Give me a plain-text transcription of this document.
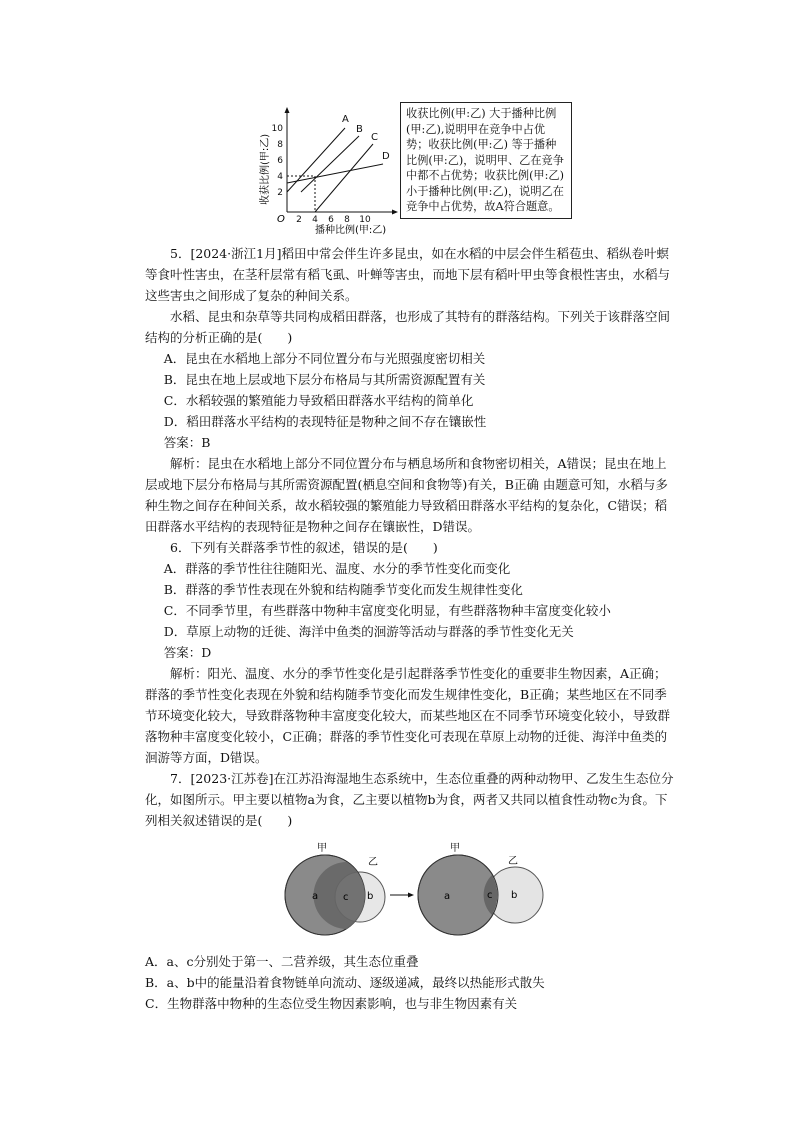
2
4
6
8
10
2 4 6 8 10
O
收获比例(甲:乙)
播种比例(甲:乙)
A
B
C
D
收获比例(甲:乙) 大于播种比例(甲:乙),说明甲在竞争中占优势；收获比例(甲:乙) 等于播种比例(甲:乙)，说明甲、乙在竞争中都不占优势；收获比例(甲:乙)小于播种比例(甲:乙)，说明乙在竞争中占优势，故A符合题意。

5．[2024·浙江1月]稻田中常会伴生许多昆虫，如在水稻的中层会伴生稻苞虫、稻纵卷叶螟等食叶性害虫，在茎秆层常有稻飞虱、叶蝉等害虫，而地下层有稻叶甲虫等食根性害虫，水稻与这些害虫之间形成了复杂的种间关系。

水稻、昆虫和杂草等共同构成稻田群落，也形成了其特有的群落结构。下列关于该群落空间结构的分析正确的是(　　)

A．昆虫在水稻地上部分不同位置分布与光照强度密切相关

B．昆虫在地上层或地下层分布格局与其所需资源配置有关

C．水稻较强的繁殖能力导致稻田群落水平结构的简单化

D．稻田群落水平结构的表现特征是物种之间不存在镶嵌性

答案：B

解析：昆虫在水稻地上部分不同位置分布与栖息场所和食物密切相关，A错误；昆虫在地上层或地下层分布格局与其所需资源配置(栖息空间和食物等)有关，B正确 由题意可知，水稻与多种生物之间存在种间关系，故水稻较强的繁殖能力导致稻田群落水平结构的复杂化，C错误；稻田群落水平结构的表现特征是物种之间存在镶嵌性，D错误。

6．下列有关群落季节性的叙述，错误的是(　　)

A．群落的季节性往往随阳光、温度、水分的季节性变化而变化

B．群落的季节性表现在外貌和结构随季节变化而发生规律性变化

C．不同季节里，有些群落中物种丰富度变化明显，有些群落物种丰富度变化较小

D．草原上动物的迁徙、海洋中鱼类的洄游等活动与群落的季节性变化无关

答案：D

解析：阳光、温度、水分的季节性变化是引起群落季节性变化的重要非生物因素，A正确；群落的季节性变化表现在外貌和结构随季节变化而发生规律性变化，B正确；某些地区在不同季节环境变化较大，导致群落物种丰富度变化较大，而某些地区在不同季节环境变化较小，导致群落物种丰富度变化较小，C正确；群落的季节性变化可表现在草原上动物的迁徙、海洋中鱼类的洄游等方面，D错误。

7．[2023·江苏卷]在江苏沿海湿地生态系统中，生态位重叠的两种动物甲、乙发生生态位分化，如图所示。甲主要以植物a为食，乙主要以植物b为食，两者又共同以植食性动物c为食。下列相关叙述错误的是(　　)

甲
乙
a c b
甲
乙
a	c b

A．a、c分别处于第一、二营养级，其生态位重叠

B．a、b中的能量沿着食物链单向流动、逐级递减，最终以热能形式散失

C．生物群落中物种的生态位受生物因素影响，也与非生物因素有关
